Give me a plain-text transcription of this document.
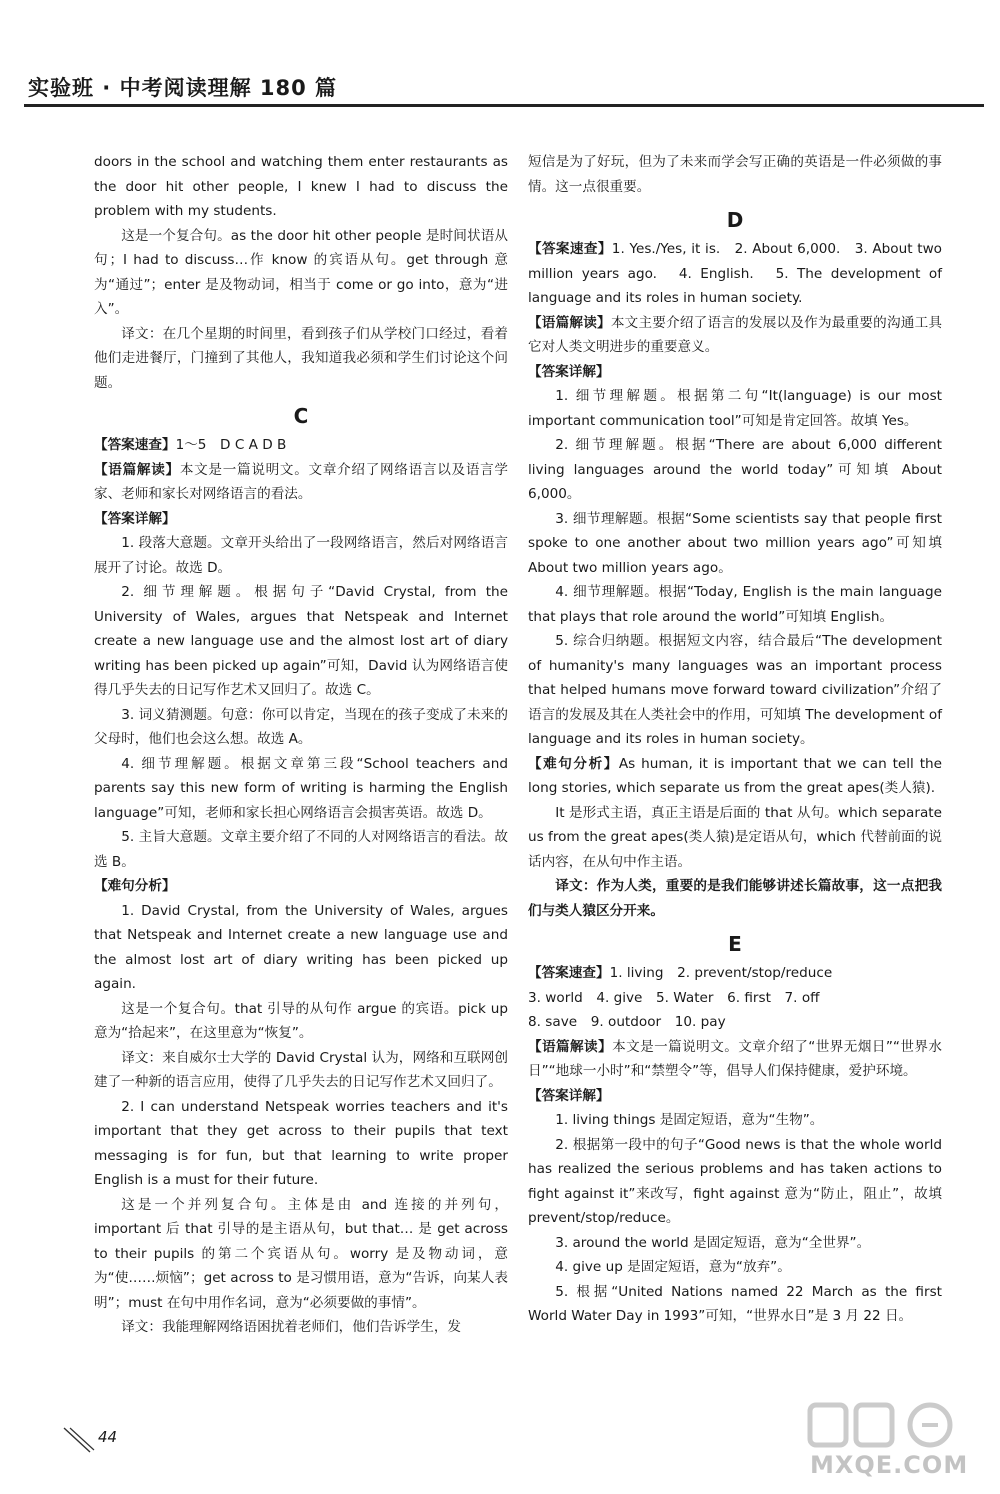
实验班 · 中考阅读理解 180 篇

doors in the school and watching them enter restaurants as the door hit other people, I knew I had to discuss the problem with my students.

这是一个复合句。as the door hit other people 是时间状语从句；I had to discuss…作 know 的宾语从句。get through 意为“通过”；enter 是及物动词，相当于 come or go into，意为“进入”。

译文：在几个星期的时间里，看到孩子们从学校门口经过，看着他们走进餐厅，门撞到了其他人，我知道我必须和学生们讨论这个问题。

C

【答案速查】1～5　D C A D B

【语篇解读】本文是一篇说明文。文章介绍了网络语言以及语言学家、老师和家长对网络语言的看法。

【答案详解】

1. 段落大意题。文章开头给出了一段网络语言，然后对网络语言展开了讨论。故选 D。

2. 细节理解题。根据句子“David Crystal, from the University of Wales, argues that Netspeak and Internet create a new language use and the almost lost art of diary writing has been picked up again”可知，David 认为网络语言使得几乎失去的日记写作艺术又回归了。故选 C。

3. 词义猜测题。句意：你可以肯定，当现在的孩子变成了未来的父母时，他们也会这么想。故选 A。

4. 细节理解题。根据文章第三段“School teachers and parents say this new form of writing is harming the English language”可知，老师和家长担心网络语言会损害英语。故选 D。

5. 主旨大意题。文章主要介绍了不同的人对网络语言的看法。故选 B。

【难句分析】

1. David Crystal, from the University of Wales, argues that Netspeak and Internet create a new language use and the almost lost art of diary writing has been picked up again.

这是一个复合句。that 引导的从句作 argue 的宾语。pick up 意为“拾起来”，在这里意为“恢复”。

译文：来自威尔士大学的 David Crystal 认为，网络和互联网创建了一种新的语言应用，使得了几乎失去的日记写作艺术又回归了。

2. I can understand Netspeak worries teachers and it's important that they get across to their pupils that text messaging is for fun, but that learning to write proper English is a must for their future.

这是一个并列复合句。主体是由 and 连接的并列句，important 后 that 引导的是主语从句，but that… 是 get across to their pupils 的第二个宾语从句。worry 是及物动词，意为“使……烦恼”；get across to 是习惯用语，意为“告诉，向某人表明”；must 在句中用作名词，意为“必须要做的事情”。

译文：我能理解网络语困扰着老师们，他们告诉学生，发

短信是为了好玩，但为了未来而学会写正确的英语是一件必须做的事情。这一点很重要。

D

【答案速查】1. Yes./Yes, it is.　2. About 6,000.　3. About two million years ago.　4. English.　5. The development of language and its roles in human society.

【语篇解读】本文主要介绍了语言的发展以及作为最重要的沟通工具它对人类文明进步的重要意义。

【答案详解】

1. 细节理解题。根据第二句“It(language) is our most important communication tool”可知是肯定回答。故填 Yes。

2. 细节理解题。根据“There are about 6,000 different living languages around the world today”可知填 About 6,000。

3. 细节理解题。根据“Some scientists say that people first spoke to one another about two million years ago”可知填 About two million years ago。

4. 细节理解题。根据“Today, English is the main language that plays that role around the world”可知填 English。

5. 综合归纳题。根据短文内容，结合最后“The development of humanity's many languages was an important process that helped humans move forward toward civilization”介绍了语言的发展及其在人类社会中的作用，可知填 The development of language and its roles in human society。

【难句分析】As human, it is important that we can tell the long stories, which separate us from the great apes(类人猿).

It 是形式主语，真正主语是后面的 that 从句。which separate us from the great apes(类人猿)是定语从句，which 代替前面的说话内容，在从句中作主语。

译文：作为人类，重要的是我们能够讲述长篇故事，这一点把我们与类人猿区分开来。

E

【答案速查】1. living　2. prevent/stop/reduce

3. world　4. give　5. Water　6. first　7. off

8. save　9. outdoor　10. pay

【语篇解读】本文是一篇说明文。文章介绍了“世界无烟日”“世界水日”“地球一小时”和“禁塑令”等，倡导人们保持健康，爱护环境。

【答案详解】

1. living things 是固定短语，意为“生物”。

2. 根据第一段中的句子“Good news is that the whole world has realized the serious problems and has taken actions to fight against it”来改写，fight against 意为“防止，阻止”，故填 prevent/stop/reduce。

3. around the world 是固定短语，意为“全世界”。

4. give up 是固定短语，意为“放弃”。

5. 根据“United Nations named 22 March as the first World Water Day in 1993”可知，“世界水日”是 3 月 22 日。

44
MXQE.COM
